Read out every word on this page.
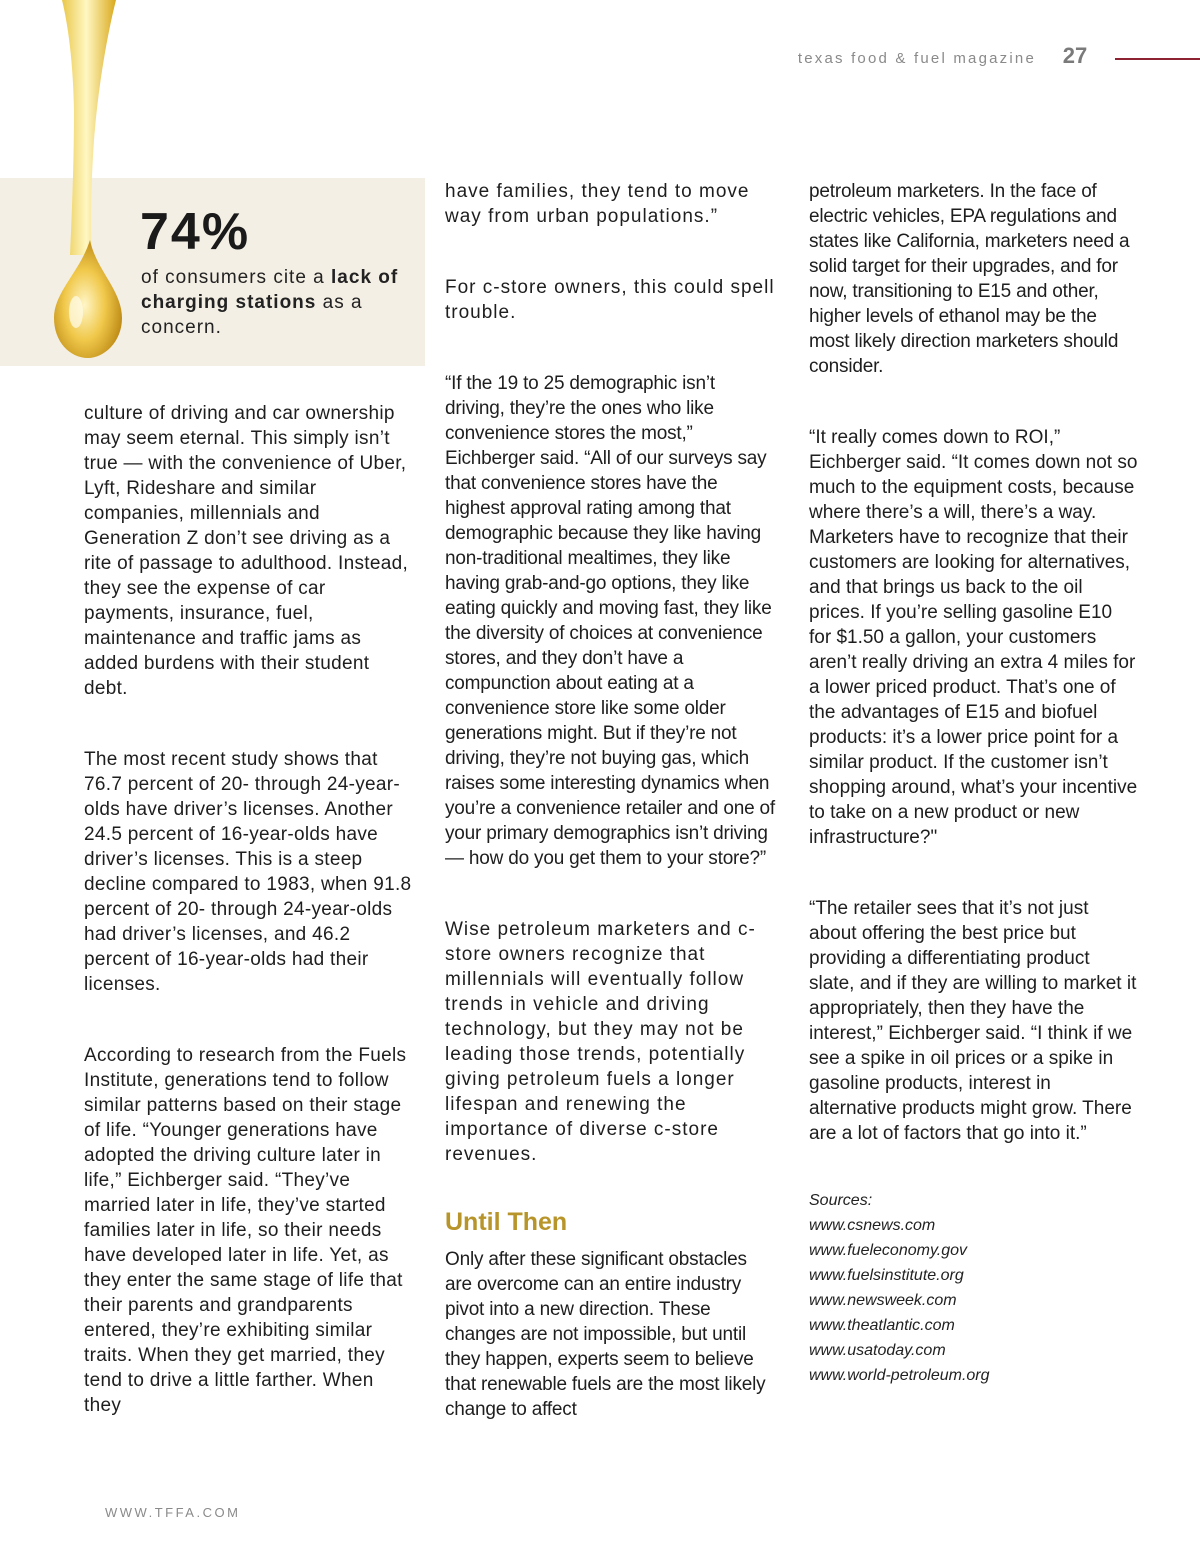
texas food & fuel magazine	27
74%
of consumers cite a lack of charging stations as a concern.

culture of driving and car ownership may seem eternal. This simply isn’t true — with the convenience of Uber, Lyft, Rideshare and similar companies, millennials and Generation Z don’t see driving as a rite of passage to adulthood. Instead, they see the expense of car payments, insurance, fuel, maintenance and traffic jams as added burdens with their student debt.

The most recent study shows that 76.7 percent of 20- through 24-year-olds have driver’s licenses. Another 24.5 percent of 16-year-olds have driver’s licenses. This is a steep decline compared to 1983, when 91.8 percent of 20- through 24-year-olds had driver’s licenses, and 46.2 percent of 16-year-olds had their licenses.

According to research from the Fuels Institute, generations tend to follow similar patterns based on their stage of life. “Younger generations have adopted the driving culture later in life,” Eichberger said. “They’ve married later in life, they’ve started families later in life, so their needs have developed later in life. Yet, as they enter the same stage of life that their parents and grandparents entered, they’re exhibiting similar traits. When they get married, they tend to drive a little farther. When they

have families, they tend to move way from urban populations.”

For c-store owners, this could spell trouble.

“If the 19 to 25 demographic isn’t driving, they’re the ones who like convenience stores the most,” Eichberger said. “All of our surveys say that convenience stores have the highest approval rating among that demographic because they like having non-traditional mealtimes, they like having grab-and-go options, they like eating quickly and moving fast, they like the diversity of choices at convenience stores, and they don’t have a compunction about eating at a convenience store like some older generations might. But if they’re not driving, they’re not buying gas, which raises some interesting dynamics when you’re a convenience retailer and one of your primary demographics isn’t driving — how do you get them to your store?”

Wise petroleum marketers and c-store owners recognize that millennials will eventually follow trends in vehicle and driving technology, but they may not be leading those trends, potentially giving petroleum fuels a longer lifespan and renewing the importance of diverse c-store revenues.

Until Then

Only after these significant obstacles are overcome can an entire industry pivot into a new direction. These changes are not impossible, but until they happen, experts seem to believe that renewable fuels are the most likely change to affect

petroleum marketers. In the face of electric vehicles, EPA regulations and states like California, marketers need a solid target for their upgrades, and for now, transitioning to E15 and other, higher levels of ethanol may be the most likely direction marketers should consider.

“It really comes down to ROI,” Eichberger said. “It comes down not so much to the equipment costs, because where there’s a will, there’s a way. Marketers have to recognize that their customers are looking for alternatives, and that brings us back to the oil prices. If you’re selling gasoline E10 for $1.50 a gallon, your customers aren’t really driving an extra 4 miles for a lower priced product. That’s one of the advantages of E15 and biofuel products: it’s a lower price point for a similar product. If the customer isn’t shopping around, what’s your incentive to take on a new product or new infrastructure?"

“The retailer sees that it’s not just about offering the best price but providing a differentiating product slate, and if they are willing to market it appropriately, then they have the interest,” Eichberger said. “I think if we see a spike in oil prices or a spike in gasoline products, interest in alternative products might grow. There are a lot of factors that go into it.”

Sources:
www.csnews.com
www.fueleconomy.gov
www.fuelsinstitute.org
www.newsweek.com
www.theatlantic.com
www.usatoday.com
www.world-petroleum.org
WWW.TFFA.COM
